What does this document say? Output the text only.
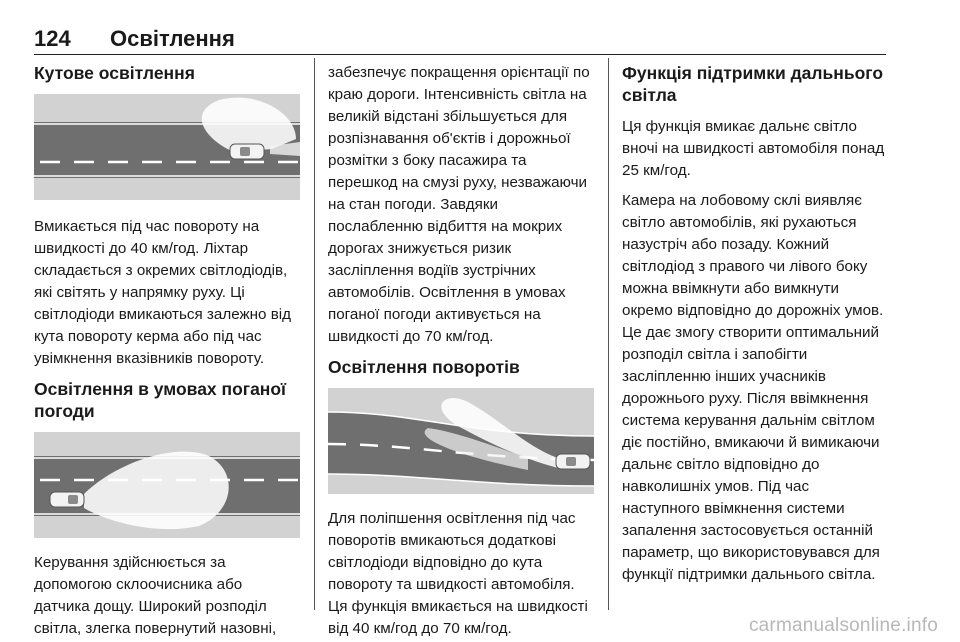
124 Освітлення
Кутове освітлення

Вмикається під час повороту на швидкості до 40 км/год. Ліхтар складається з окремих світлодіодів, які світять у напрямку руху. Ці світлодіоди вмикаються залежно від кута повороту керма або під час увімкнення вказівників повороту.

Освітлення в умовах поганої погоди

Керування здійснюється за допомогою склоочисника або датчика дощу. Широкий розподіл світла, злегка повернутий назовні,

забезпечує покращення орієнтації по краю дороги. Інтенсивність світла на великій відстані збільшується для розпізнавання об'єктів і дорожньої розмітки з боку пасажира та перешкод на смузі руху, незважаючи на стан погоди. Завдяки послабленню відбиття на мокрих дорогах знижується ризик засліплення водіїв зустрічних автомобілів. Освітлення в умовах поганої погоди активується на швидкості до 70 км/год.

Освітлення поворотів

Для поліпшення освітлення під час поворотів вмикаються додаткові світлодіоди відповідно до кута повороту та швидкості автомобіля. Ця функція вмикається на швидкості від 40 км/год до 70 км/год.

Функція підтримки дальнього світла

Ця функція вмикає дальнє світло вночі на швидкості автомобіля понад 25 км/год.

Камера на лобовому склі виявляє світло автомобілів, які рухаються назустріч або позаду. Кожний світлодіод з правого чи лівого боку можна ввімкнути або вимкнути окремо відповідно до дорожніх умов. Це дає змогу створити оптимальний розподіл світла і запобігти засліпленню інших учасників дорожнього руху. Після ввімкнення система керування дальнім світлом діє постійно, вмикаючи й вимикаючи дальнє світло відповідно до навколишніх умов. Під час наступного ввімкнення системи запалення застосовується останній параметр, що використовувався для функції підтримки дальнього світла.

carmanualsonline.info
